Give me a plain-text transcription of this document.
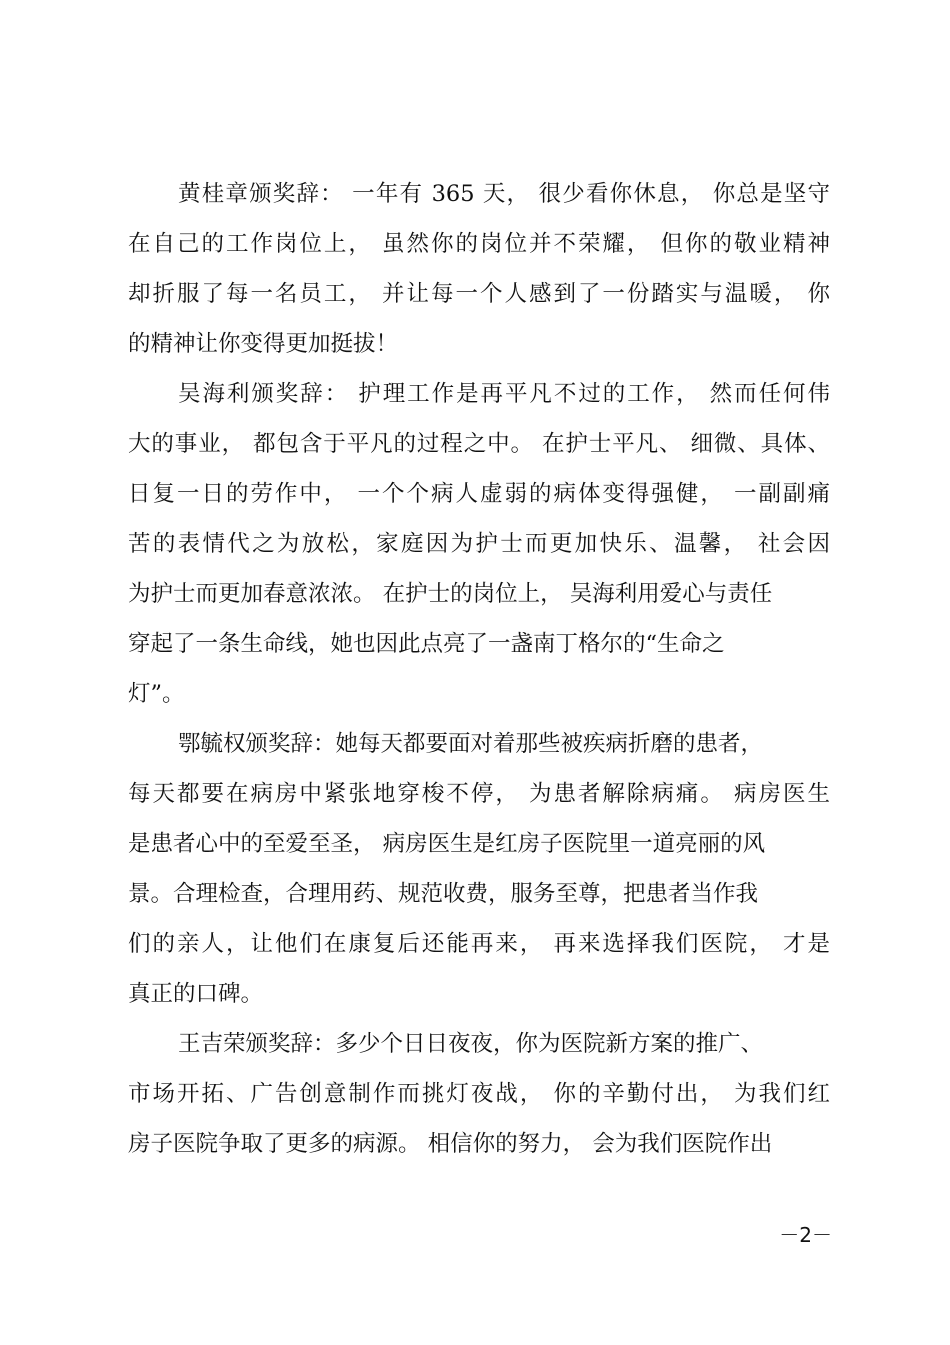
黄桂章颁奖辞： 一年有 365 天， 很少看你休息， 你总是坚守
在自己的工作岗位上， 虽然你的岗位并不荣耀， 但你的敬业精神
却折服了每一名员工， 并让每一个人感到了一份踏实与温暖， 你
的精神让你变得更加挺拔！
吴海利颁奖辞： 护理工作是再平凡不过的工作， 然而任何伟
大的事业， 都包含于平凡的过程之中。 在护士平凡、 细微、具体、
日复一日的劳作中， 一个个病人虚弱的病体变得强健， 一副副痛
苦的表情代之为放松，家庭因为护士而更加快乐、温馨， 社会因
为护士而更加春意浓浓。 在护士的岗位上， 吴海利用爱心与责任
穿起了一条生命线，她也因此点亮了一盏南丁格尔的“生命之
灯”。
鄂毓权颁奖辞：她每天都要面对着那些被疾病折磨的患者，
每天都要在病房中紧张地穿梭不停， 为患者解除病痛。 病房医生
是患者心中的至爱至圣， 病房医生是红房子医院里一道亮丽的风
景。合理检查，合理用药、规范收费，服务至尊，把患者当作我
们的亲人，让他们在康复后还能再来， 再来选择我们医院， 才是
真正的口碑。
王吉荣颁奖辞：多少个日日夜夜，你为医院新方案的推广、
市场开拓、广告创意制作而挑灯夜战， 你的辛勤付出， 为我们红
房子医院争取了更多的病源。 相信你的努力， 会为我们医院作出
－2－
